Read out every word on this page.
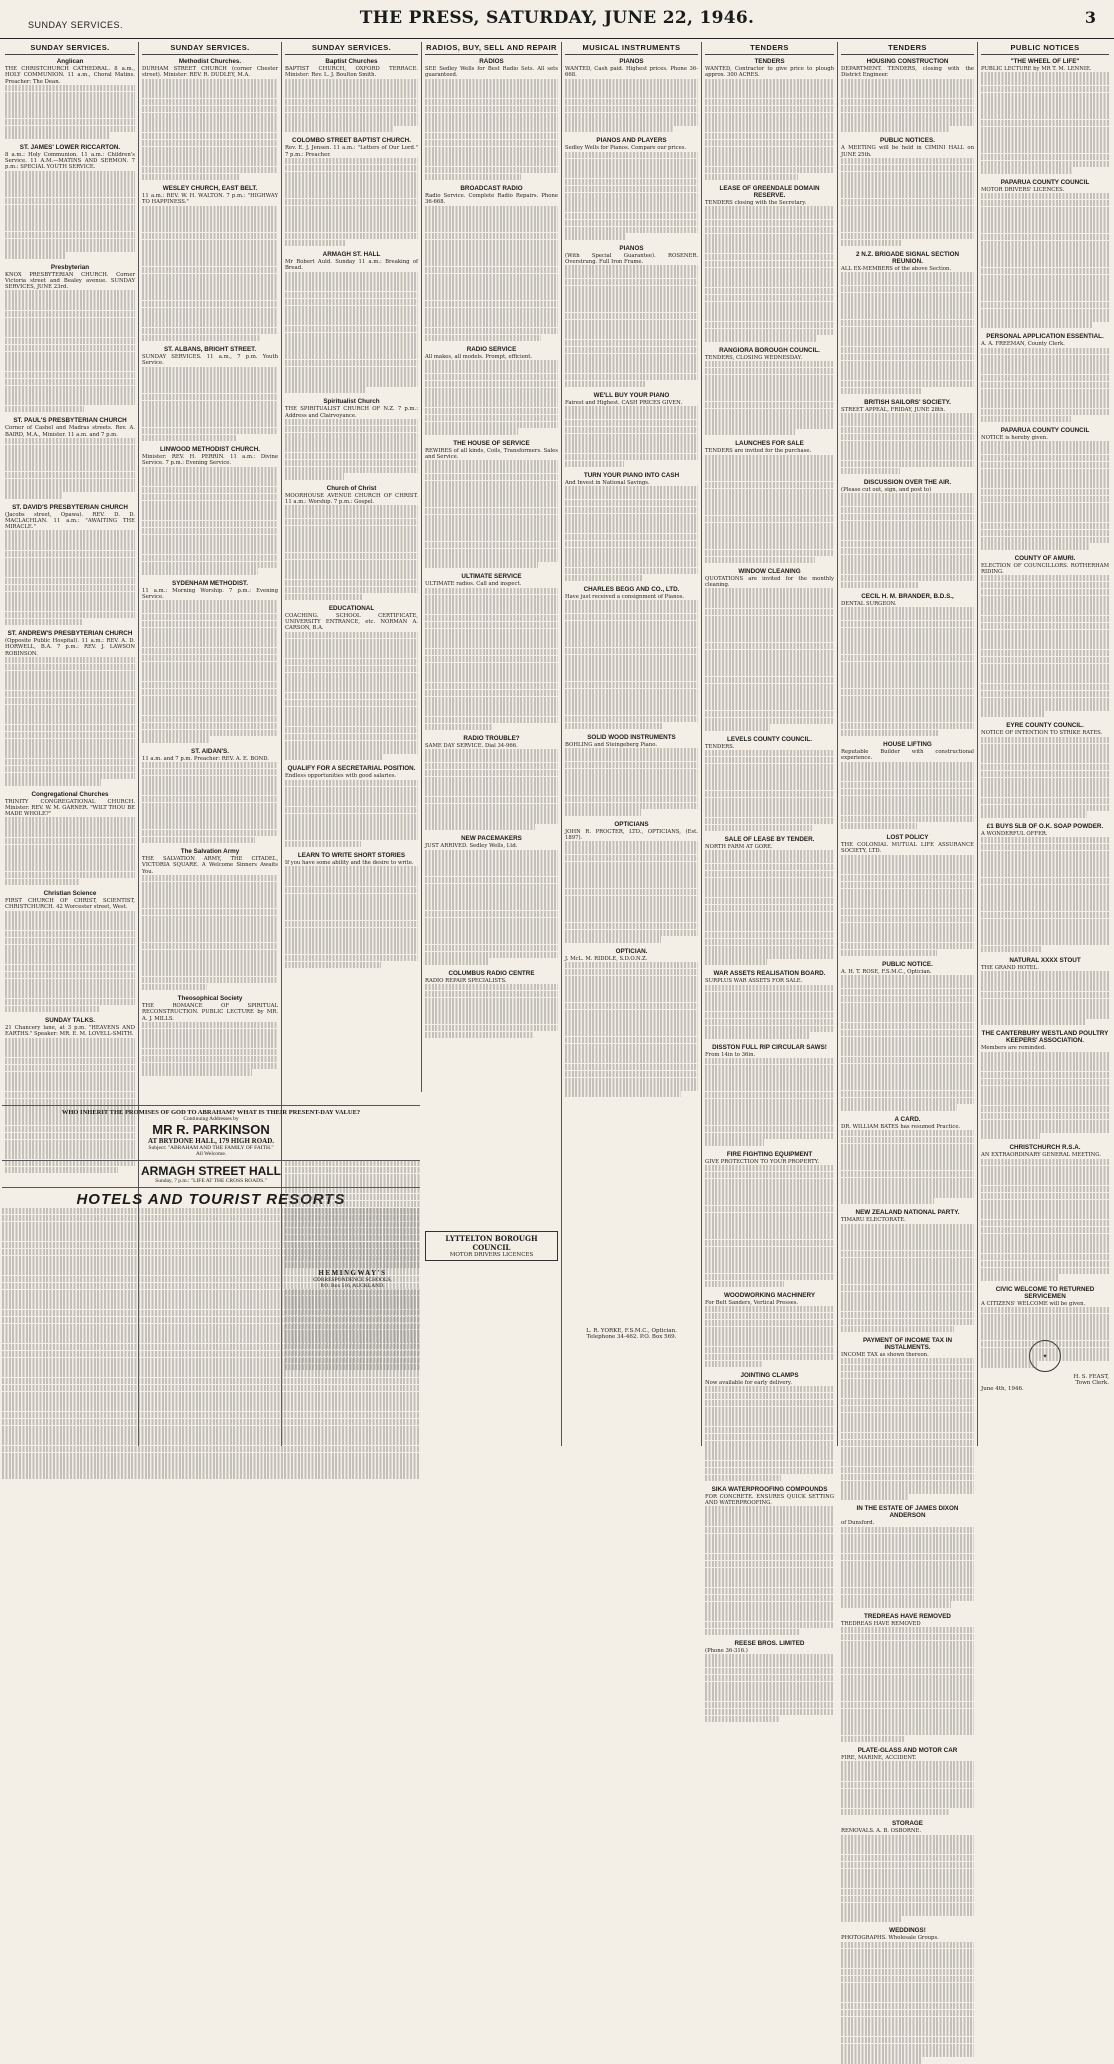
SUNDAY SERVICES.	THE PRESS, SATURDAY, JUNE 22, 1946.	3
SUNDAY SERVICES.
Anglican

THE CHRISTCHURCH CATHEDRAL. 8 a.m., HOLY COMMUNION. 11 a.m., Choral Matins. Preacher: The Dean.

ST. JAMES' LOWER RICCARTON.

8 a.m.: Holy Communion. 11 a.m.: Children's Service. 11 A.M.—MATINS AND SERMON. 7 p.m.: SPECIAL YOUTH SERVICE.

Presbyterian

KNOX PRESBYTERIAN CHURCH. Corner Victoria street and Bealey avenue. SUNDAY SERVICES, JUNE 23rd.

ST. PAUL'S PRESBYTERIAN CHURCH

Corner of Cashel and Madras streets. Rev. A. BAIRD, M.A., Minister. 11 a.m. and 7 p.m.

ST. DAVID'S PRESBYTERIAN CHURCH

(Jacobs street, Opawa). REV. D. D. MACLACHLAN. 11 a.m.: "AWAITING THE MIRACLE."

ST. ANDREW'S PRESBYTERIAN CHURCH

(Opposite Public Hospital). 11 a.m.: REV. A. D. HORWELL, B.A. 7 p.m.: REV. J. LAWSON ROBINSON.

Congregational Churches

TRINITY CONGREGATIONAL CHURCH. Minister: REV. W. M. GARNER. "WILT THOU BE MADE WHOLE?"

Christian Science

FIRST CHURCH OF CHRIST, SCIENTIST, CHRISTCHURCH. 42 Worcester street, West.

SUNDAY TALKS.

21 Chancery lane, at 3 p.m. "HEAVENS AND EARTHS." Speaker: MR. E. M. LOVELL-SMITH.

SUNDAY SERVICES.
Methodist Churches.

DURHAM STREET CHURCH (corner Chester street). Minister: REV. R. DUDLEY, M.A.

WESLEY CHURCH, EAST BELT.

11 a.m.: REV. W. H. WALTON. 7 p.m.: "HIGHWAY TO HAPPINESS."

ST. ALBANS, BRIGHT STREET.

SUNDAY SERVICES. 11 a.m., 7 p.m. Youth Service.

LINWOOD METHODIST CHURCH.

Minister: REV. H. PERRIN. 11 a.m.: Divine Service. 7 p.m.: Evening Service.

SYDENHAM METHODIST.

11 a.m.: Morning Worship. 7 p.m.: Evening Service.

ST. AIDAN'S.

11 a.m. and 7 p.m. Preacher: REV. A. E. BOND.

The Salvation Army

THE SALVATION ARMY, THE CITADEL, VICTORIA SQUARE. A Welcome Sinners Awaits You.

Theosophical Society

THE ROMANCE OF SPIRITUAL RECONSTRUCTION. PUBLIC LECTURE by MR. A. J. MILLS.

SUNDAY SERVICES.
Baptist Churches

BAPTIST CHURCH, OXFORD TERRACE. Minister: Rev. L. J. Boulton Smith.

COLOMBO STREET BAPTIST CHURCH.

Rev. E. J. Jensen. 11 a.m.: "Letters of Our Lord." 7 p.m.: Preacher.

ARMAGH ST. HALL

Mr Robert Auld. Sunday 11 a.m.: Breaking of Bread.

Spiritualist Church

THE SPIRITUALIST CHURCH OF N.Z. 7 p.m.: Address and Clairvoyance.

Church of Christ

MOORHOUSE AVENUE CHURCH OF CHRIST. 11 a.m.: Worship. 7 p.m.: Gospel.

EDUCATIONAL

COACHING. SCHOOL CERTIFICATE, UNIVERSITY ENTRANCE, etc. NORMAN A. CARSON, B.A.

QUALIFY FOR A SECRETARIAL POSITION.

Endless opportunities with good salaries.

LEARN TO WRITE SHORT STORIES

If you have some ability and the desire to write.

WHO INHERIT THE PROMISES OF GOD TO ABRAHAM? WHAT IS THEIR PRESENT-DAY VALUE?
Continuing Addresses by
MR R. PARKINSON
AT BRYDONE HALL, 179 HIGH ROAD.
Subject: "ABRAHAM AND THE FAMILY OF FAITH."
All Welcome.
ARMAGH STREET HALL
Sunday, 7 p.m.: "LIFE AT THE CROSS ROADS."
HOTELS AND TOURIST RESORTS
HEMINGWAY'S
CORRESPONDENCE SCHOOLS,
P.O. Box 516, AUCKLAND.
RADIOS, BUY, SELL AND REPAIR
RADIOS

SEE Sedley Wells for Best Radio Sets. All sets guaranteed.

BROADCAST RADIO

Radio Service. Complete Radio Repairs. Phone 36-668.

RADIO SERVICE

All makes, all models. Prompt, efficient.

THE HOUSE OF SERVICE

REWIRES of all kinds, Coils, Transformers. Sales and Service.

ULTIMATE SERVICE

ULTIMATE radios. Call and inspect.

RADIO TROUBLE?

SAME DAY SERVICE. Dial 34-966.

NEW PACEMAKERS

JUST ARRIVED. Sedley Wells, Ltd.

COLUMBUS RADIO CENTRE

RADIO REPAIR SPECIALISTS.

LYTTELTON BOROUGH COUNCIL
MOTOR DRIVERS LICENCES
MUSICAL INSTRUMENTS
PIANOS

WANTED, Cash paid. Highest prices. Phone 36-668.

PIANOS AND PLAYERS

Sedley Wells for Pianos. Compare our prices.

PIANOS

(With Special Guarantee). ROSENER. Overstrung. Full Iron Frame.

WE'LL BUY YOUR PIANO

Fairest and Highest. CASH PRICES GIVEN.

TURN YOUR PIANO INTO CASH

And Invest in National Savings.

CHARLES BEGG AND CO., LTD.

Have just received a consignment of Pianos.

SOLID WOOD INSTRUMENTS

BOHLING and Steingeberg Piano.

OPTICIANS

JOHN R. PROCTER, LTD., OPTICIANS, (Est. 1897).

OPTICIAN.

J. McL. M. RIDDLE, S.D.O.N.Z.

L. R. YORKE, F.S.M.C., Optician.
Telephone 34-462. P.O. Box 569.
TENDERS
TENDERS

WANTED, Contractor to give price to plough approx. 300 ACRES.

LEASE OF GREENDALE DOMAIN RESERVE.

TENDERS closing with the Secretary.

RANGIORA BOROUGH COUNCIL.

TENDERS, CLOSING WEDNESDAY.

LAUNCHES FOR SALE

TENDERS are invited for the purchase.

WINDOW CLEANING

QUOTATIONS are invited for the monthly cleaning.

LEVELS COUNTY COUNCIL.

TENDERS.

SALE OF LEASE BY TENDER.

NORTH FARM AT GORE.

WAR ASSETS REALISATION BOARD.

SURPLUS WAR ASSETS FOR SALE.

DISSTON FULL RIP CIRCULAR SAWS!

From 14in to 36in.

FIRE FIGHTING EQUIPMENT

GIVE PROTECTION TO YOUR PROPERTY.

WOODWORKING MACHINERY

For Belt Sanders, Vertical Presses.

JOINTING CLAMPS

Now available for early delivery.

SIKA WATERPROOFING COMPOUNDS

FOR CONCRETE. ENSURES QUICK SETTING AND WATERPROOFING.

REESE BROS. LIMITED

(Phone 36-316.)

TENDERS
HOUSING CONSTRUCTION

DEPARTMENT. TENDERS, closing with the District Engineer.

PUBLIC NOTICES.

A MEETING will be held in CIMINI HALL on JUNE 25th.

2 N.Z. BRIGADE SIGNAL SECTION REUNION.

ALL EX-MEMBERS of the above Section.

BRITISH SAILORS' SOCIETY.

STREET APPEAL, FRIDAY, JUNE 28th.

DISCUSSION OVER THE AIR.

(Please cut out, sign, and post to)

CECIL H. M. BRANDER, B.D.S.,

DENTAL SURGEON.

HOUSE LIFTING

Reputable Builder with constructional experience.

LOST POLICY

THE COLONIAL MUTUAL LIFE ASSURANCE SOCIETY, LTD.

PUBLIC NOTICE.

A. H. T. ROSE, F.S.M.C., Optician.

A CARD.

DR. WILLIAM BATES has resumed Practice.

NEW ZEALAND NATIONAL PARTY.

TIMARU ELECTORATE.

PAYMENT OF INCOME TAX IN INSTALMENTS.

INCOME TAX as shown thereon.

IN THE ESTATE OF JAMES DIXON ANDERSON

of Dunsford.

TREDREAS HAVE REMOVED

TREDREAS HAVE REMOVED

PLATE-GLASS AND MOTOR CAR

FIRE, MARINE, ACCIDENT.

STORAGE

REMOVALS. A. B. OSBORNE.

WEDDINGS!

PHOTOGRAPHS. Wholesale Groups.

PUBLIC NOTICES
"THE WHEEL OF LIFE"

PUBLIC LECTURE by MR T. M. LENNIE.

PAPARUA COUNTY COUNCIL

MOTOR DRIVERS' LICENCES.

PERSONAL APPLICATION ESSENTIAL.

A. A. FREEMAN, County Clerk.

PAPARUA COUNTY COUNCIL

NOTICE is hereby given.

COUNTY OF AMURI.

ELECTION OF COUNCILLORS. ROTHERHAM RIDING.

EYRE COUNTY COUNCIL.

NOTICE OF INTENTION TO STRIKE RATES.

£1 BUYS 5LB OF O.K. SOAP POWDER.

A WONDERFUL OFFER.

NATURAL XXXX STOUT

THE GRAND HOTEL.

THE CANTERBURY WESTLAND POULTRY KEEPERS' ASSOCIATION.

Members are reminded.

CHRISTCHURCH R.S.A.

AN EXTRAORDINARY GENERAL MEETING.

CIVIC WELCOME TO RETURNED SERVICEMEN

A CITIZENS' WELCOME will be given.

✦
H. S. FEAST,
Town Clerk.
June 4th, 1946.
